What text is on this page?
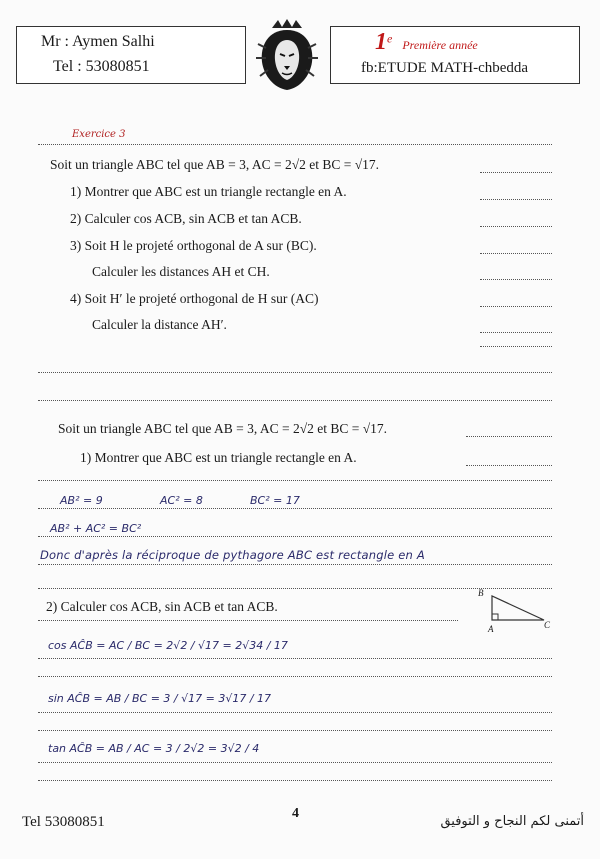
Mr : Aymen Salhi
Tel : 53080851
1e Première année
fb:ETUDE MATH-chbedda
Exercice 3
Soit un triangle ABC tel que AB = 3, AC = 2√2 et BC = √17.
1) Montrer que ABC est un triangle rectangle en A.
2) Calculer cos ACB, sin ACB et tan ACB.
3) Soit H le projeté orthogonal de A sur (BC).
Calculer les distances AH et CH.
4) Soit H′ le projeté orthogonal de H sur (AC)
Calculer la distance AH′.
Soit un triangle ABC tel que AB = 3, AC = 2√2 et BC = √17.
1) Montrer que ABC est un triangle rectangle en A.
AB² = 9	AC² = 8	BC² = 17
AB² + AC² = BC²
Donc d'après la réciproque de pythagore ABC est rectangle en A
2) Calculer cos ACB, sin ACB et tan ACB.
B
A	C
cos AĈB = AC / BC = 2√2 / √17 = 2√34 / 17
sin AĈB = AB / BC = 3 / √17 = 3√17 / 17
tan AĈB = AB / AC = 3 / 2√2 = 3√2 / 4
Tel 53080851
4
أتمنى لكم النجاح و التوفيق
